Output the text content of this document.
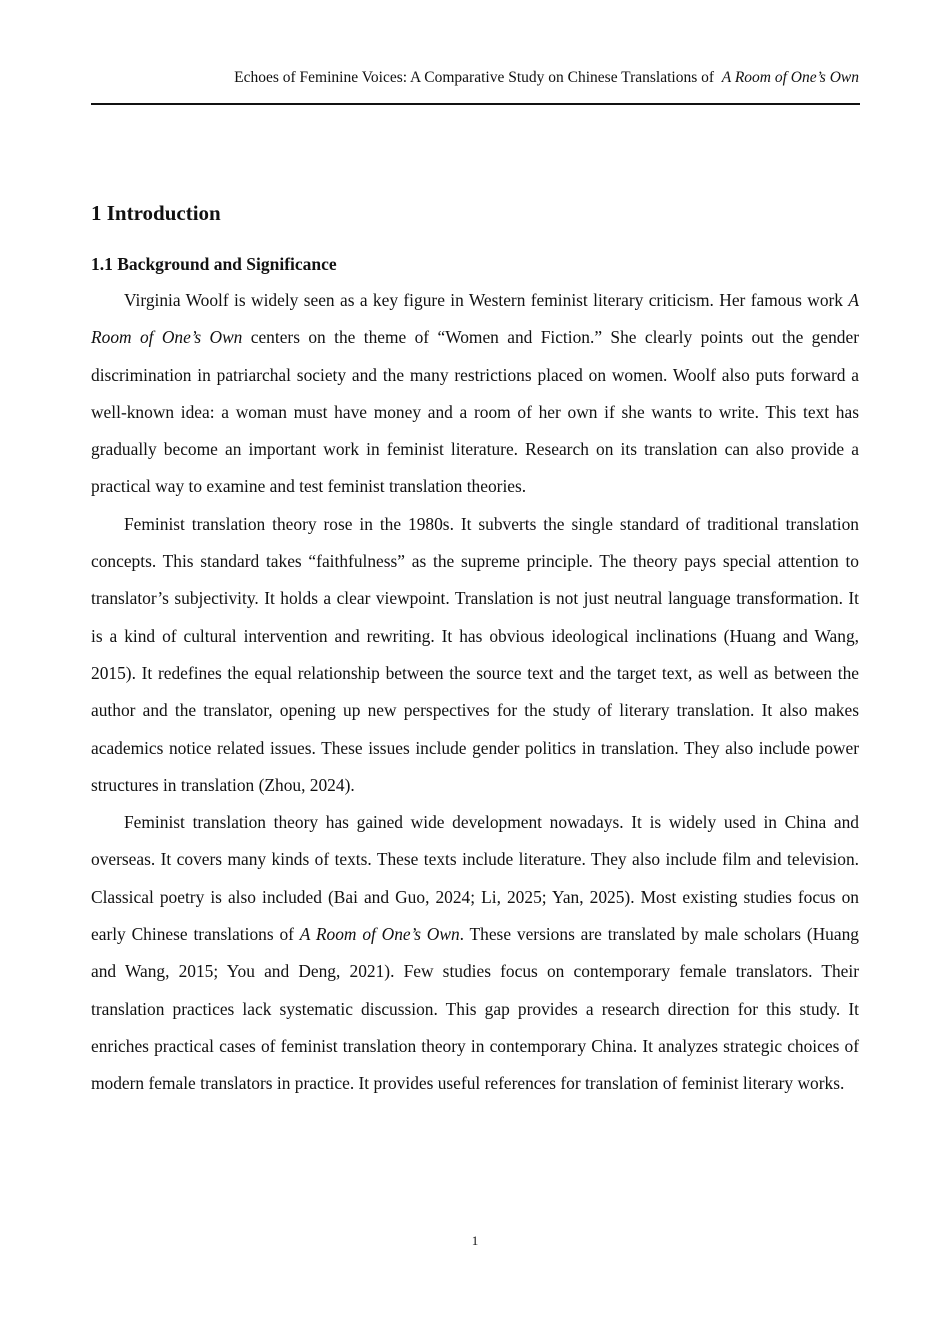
Echoes of Feminine Voices: A Comparative Study on Chinese Translations of A Room of One’s Own
1 Introduction
1.1 Background and Significance

Virginia Woolf is widely seen as a key figure in Western feminist literary criticism. Her famous work A Room of One’s Own centers on the theme of “Women and Fiction.” She clearly points out the gender discrimination in patriarchal society and the many restrictions placed on women. Woolf also puts forward a well-known idea: a woman must have money and a room of her own if she wants to write. This text has gradually become an important work in feminist literature. Research on its translation can also provide a practical way to examine and test feminist translation theories.

Feminist translation theory rose in the 1980s. It subverts the single standard of traditional translation concepts. This standard takes “faithfulness” as the supreme principle. The theory pays special attention to translator’s subjectivity. It holds a clear viewpoint. Translation is not just neutral language transformation. It is a kind of cultural intervention and rewriting. It has obvious ideological inclinations (Huang and Wang, 2015). It redefines the equal relationship between the source text and the target text, as well as between the author and the translator, opening up new perspectives for the study of literary translation. It also makes academics notice related issues. These issues include gender politics in translation. They also include power structures in translation (Zhou, 2024).

Feminist translation theory has gained wide development nowadays. It is widely used in China and overseas. It covers many kinds of texts. These texts include literature. They also include film and television. Classical poetry is also included (Bai and Guo, 2024; Li, 2025; Yan, 2025). Most existing studies focus on early Chinese translations of A Room of One’s Own. These versions are translated by male scholars (Huang and Wang, 2015; You and Deng, 2021). Few studies focus on contemporary female translators. Their translation practices lack systematic discussion. This gap provides a research direction for this study. It enriches practical cases of feminist translation theory in contemporary China. It analyzes strategic choices of modern female translators in practice. It provides useful references for translation of feminist literary works.

1
